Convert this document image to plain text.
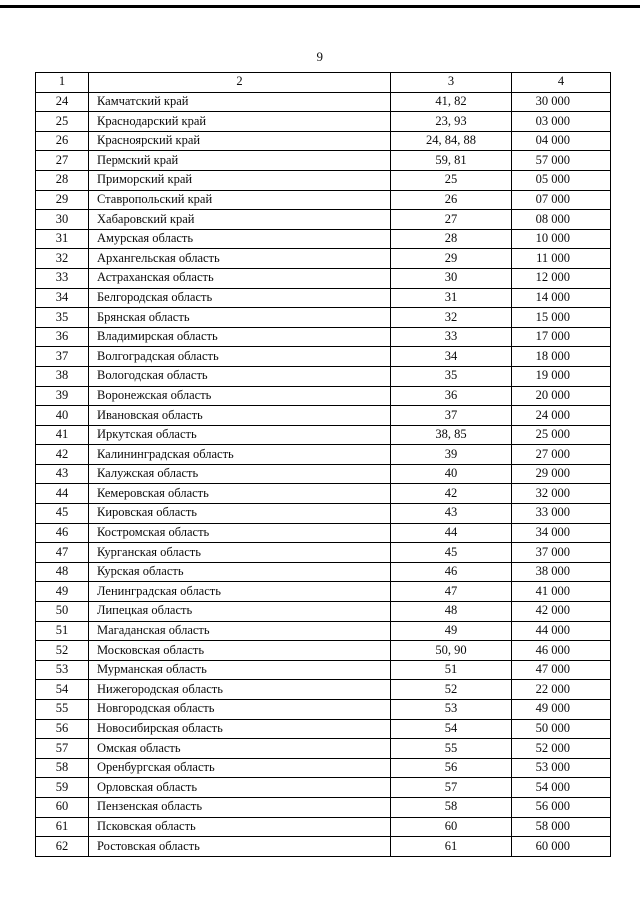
9
1	2	3	4
24	Камчатский край	41, 82	30 000
25	Краснодарский край	23, 93	03 000
26	Красноярский край	24, 84, 88	04 000
27	Пермский край	59, 81	57 000
28	Приморский край	25	05 000
29	Ставропольский край	26	07 000
30	Хабаровский край	27	08 000
31	Амурская область	28	10 000
32	Архангельская область	29	11 000
33	Астраханская область	30	12 000
34	Белгородская область	31	14 000
35	Брянская область	32	15 000
36	Владимирская область	33	17 000
37	Волгоградская область	34	18 000
38	Вологодская область	35	19 000
39	Воронежская область	36	20 000
40	Ивановская область	37	24 000
41	Иркутская область	38, 85	25 000
42	Калининградская область	39	27 000
43	Калужская область	40	29 000
44	Кемеровская область	42	32 000
45	Кировская область	43	33 000
46	Костромская область	44	34 000
47	Курганская область	45	37 000
48	Курская область	46	38 000
49	Ленинградская область	47	41 000
50	Липецкая область	48	42 000
51	Магаданская область	49	44 000
52	Московская область	50, 90	46 000
53	Мурманская область	51	47 000
54	Нижегородская область	52	22 000
55	Новгородская область	53	49 000
56	Новосибирская область	54	50 000
57	Омская область	55	52 000
58	Оренбургская область	56	53 000
59	Орловская область	57	54 000
60	Пензенская область	58	56 000
61	Псковская область	60	58 000
62	Ростовская область	61	60 000
